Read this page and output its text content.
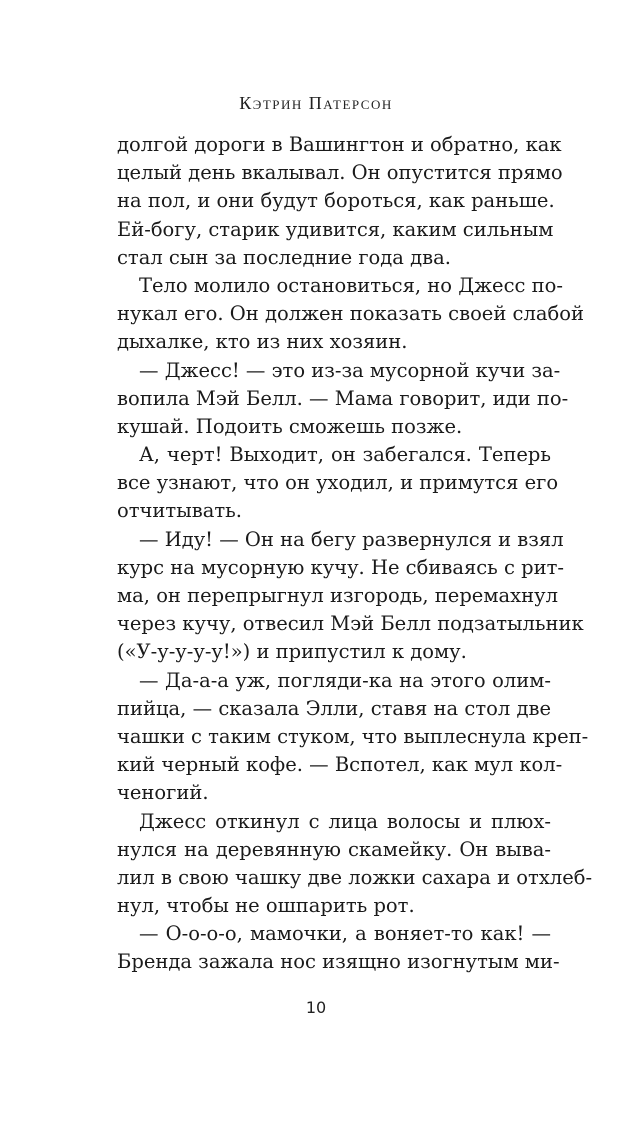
Кэтрин Патерсон
долгой дороги в Вашингтон и обратно, как
целый день вкалывал. Он опустится прямо
на пол, и они будут бороться, как раньше.
Ей-богу, старик удивится, каким сильным
стал сын за последние года два.
Тело молило остановиться, но Джесс по-
нукал его. Он должен показать своей слабой
дыхалке, кто из них хозяин.
— Джесс! — это из-за мусорной кучи за-
вопила Мэй Белл. — Мама говорит, иди по-
кушай. Подоить сможешь позже.
А, черт! Выходит, он забегался. Теперь
все узнают, что он уходил, и примутся его
отчитывать.
— Иду! — Он на бегу развернулся и взял
курс на мусорную кучу. Не сбиваясь с рит-
ма, он перепрыгнул изгородь, перемахнул
через кучу, отвесил Мэй Белл подзатыльник
(«У-у-у-у-у!») и припустил к дому.
— Да-а-а уж, погляди-ка на этого олим-
пийца, — сказала Элли, ставя на стол две
чашки с таким стуком, что выплеснула креп-
кий черный кофе. — Вспотел, как мул кол-
ченогий.
Джесс откинул с лица волосы и плюх-
нулся на деревянную скамейку. Он вывa-
лил в свою чашку две ложки сахара и отхлеб-
нул, чтобы не ошпарить рот.
— О-о-о-о, мамочки, а воняет-то как! —
Бренда зажала нос изящно изогнутым ми-
10
